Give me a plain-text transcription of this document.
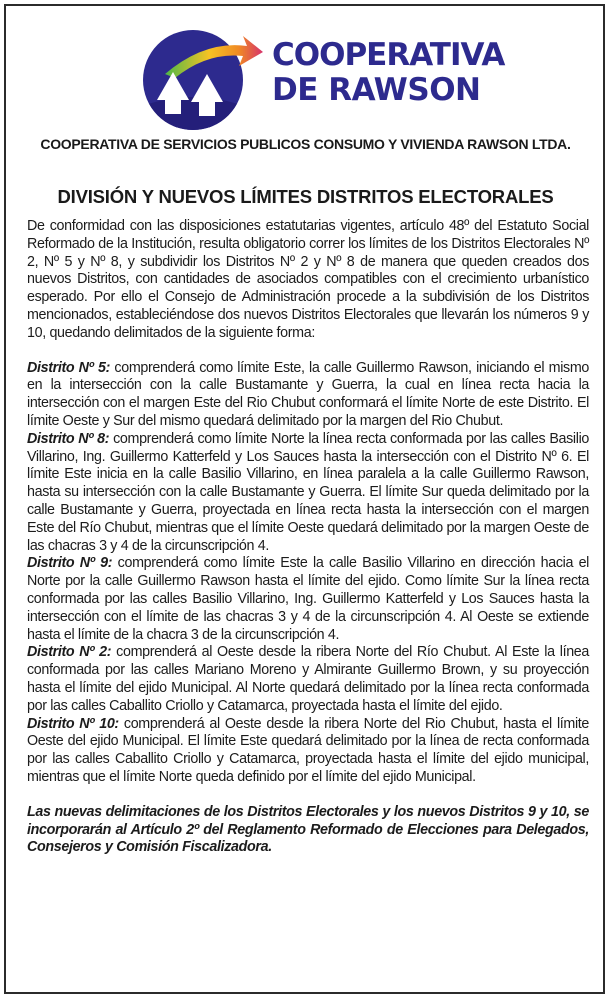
COOPERATIVA
DE RAWSON
COOPERATIVA DE SERVICIOS PUBLICOS CONSUMO Y VIVIENDA RAWSON LTDA.
DIVISIÓN Y NUEVOS LÍMITES DISTRITOS ELECTORALES

De conformidad con las disposiciones estatutarias vigentes, artículo 48º del Estatuto Social Reformado de la Institución, resulta obligatorio correr los límites de los Distritos Electorales Nº 2, Nº 5 y Nº 8, y subdividir los Distritos Nº 2 y Nº 8 de manera que queden creados dos nuevos Distritos, con cantidades de asociados compatibles con el crecimiento urbanístico esperado. Por ello el Consejo de Administración procede a la subdivisión de los Distritos mencionados, estableciéndose dos nuevos Distritos Electorales que llevarán los números 9 y 10, quedando delimitados de la siguiente forma:

Distrito Nº 5: comprenderá como límite Este, la calle Guillermo Rawson, iniciando el mismo en la intersección con la calle Bustamante y Guerra, la cual en línea recta hacia la intersección con el margen Este del Rio Chubut conformará el límite Norte de este Distrito. El límite Oeste y Sur del mismo quedará delimitado por la margen del Rio Chubut.

Distrito Nº 8: comprenderá como límite Norte la línea recta conformada por las calles Basilio Villarino, Ing. Guillermo Katterfeld y Los Sauces hasta la intersección con el Distrito Nº 6. El límite Este inicia en la calle Basilio Villarino, en línea paralela a la calle Guillermo Rawson, hasta su intersección con la calle Bustamante y Guerra. El límite Sur queda delimitado por la calle Bustamante y Guerra, proyectada en línea recta hasta la intersección con el margen Este del Río Chubut, mientras que el límite Oeste quedará delimitado por la margen Oeste de las chacras 3 y 4 de la circunscripción 4.

Distrito Nº 9: comprenderá como límite Este la calle Basilio Villarino en dirección hacia el Norte por la calle Guillermo Rawson hasta el límite del ejido. Como límite Sur la línea recta conformada por las calles Basilio Villarino, Ing. Guillermo Katterfeld y Los Sauces hasta la intersección con el límite de las chacras 3 y 4 de la circunscripción 4. Al Oeste se extiende hasta el límite de la chacra 3 de la circunscripción 4.

Distrito Nº 2: comprenderá al Oeste desde la ribera Norte del Río Chubut. Al Este la línea conformada por las calles Mariano Moreno y Almirante Guillermo Brown, y su proyección hasta el límite del ejido Municipal. Al Norte quedará delimitado por la línea recta conformada por las calles Caballito Criollo y Catamarca, proyectada hasta el límite del ejido.

Distrito Nº 10: comprenderá al Oeste desde la ribera Norte del Rio Chubut, hasta el límite Oeste del ejido Municipal. El límite Este quedará delimitado por la línea de recta conformada por las calles Caballito Criollo y Catamarca, proyectada hasta el límite del ejido municipal, mientras que el límite Norte queda definido por el límite del ejido Municipal.

Las nuevas delimitaciones de los Distritos Electorales y los nuevos Distritos 9 y 10, se incorporarán al Artículo 2º del Reglamento Reformado de Elecciones para Delegados, Consejeros y Comisión Fiscalizadora.
